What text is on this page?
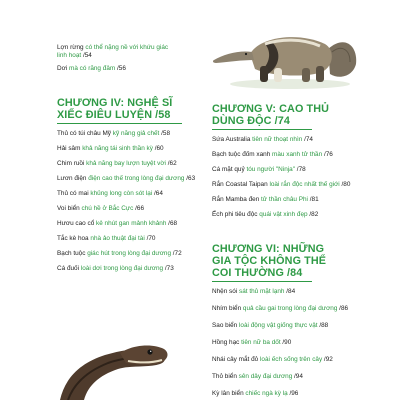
Lợn rừng có thể nặng nề với khứu giác
linh hoạt /54
Dơi mà có răng đâm /56
CHƯƠNG IV: NGHỆ SĨ
XIẾC ĐIÊU LUYỆN /58
Thủ có túi châu Mỹ kỹ năng giả chết /58
Hải sâm khả năng tái sinh thần kỳ /60
Chim ruồi khả năng bay lượn tuyệt vời /62
Lươn điện điện cao thế trong lòng đại dương /63
Thủ có mai khủng long còn sót lại /64
Voi biển chú hề ở Bắc Cực /66
Hươu cao cổ kẻ nhút gan mảnh khảnh /68
Tắc kè hoa nhà ảo thuật đại tài /70
Bạch tuộc giác hút trong lòng đại dương /72
Cá đuối loài dơi trong lòng đại dương /73
CHƯƠNG V: CAO THỦ
DÙNG ĐỘC /74
Sứa Australia tiên nữ thoạt nhìn /74
Bạch tuộc đốm xanh màu xanh tử thần /76
Cá mặt quỷ tóu người "Ninja" /78
Rắn Coastal Taipan loài rắn độc nhất thế giới /80
Rắn Mamba đen tử thần châu Phi /81
Ếch phi tiêu độc quái vật xinh đẹp /82
CHƯƠNG VI: NHỮNG
GIA TỘC KHÔNG THỂ
COI THƯỜNG /84
Nhện sói sát thủ mặt lạnh /84
Nhím biển quả cầu gai trong lòng đại dương /86
Sao biển loài động vật giống thực vật /88
Hồng hạc tiên nữ ba dốt /90
Nhái cây mắt đỏ loài ếch sống trên cây /92
Thỏ biển sên dây đại dương /94
Kỳ lân biển chiếc ngà kỳ lạ /96
